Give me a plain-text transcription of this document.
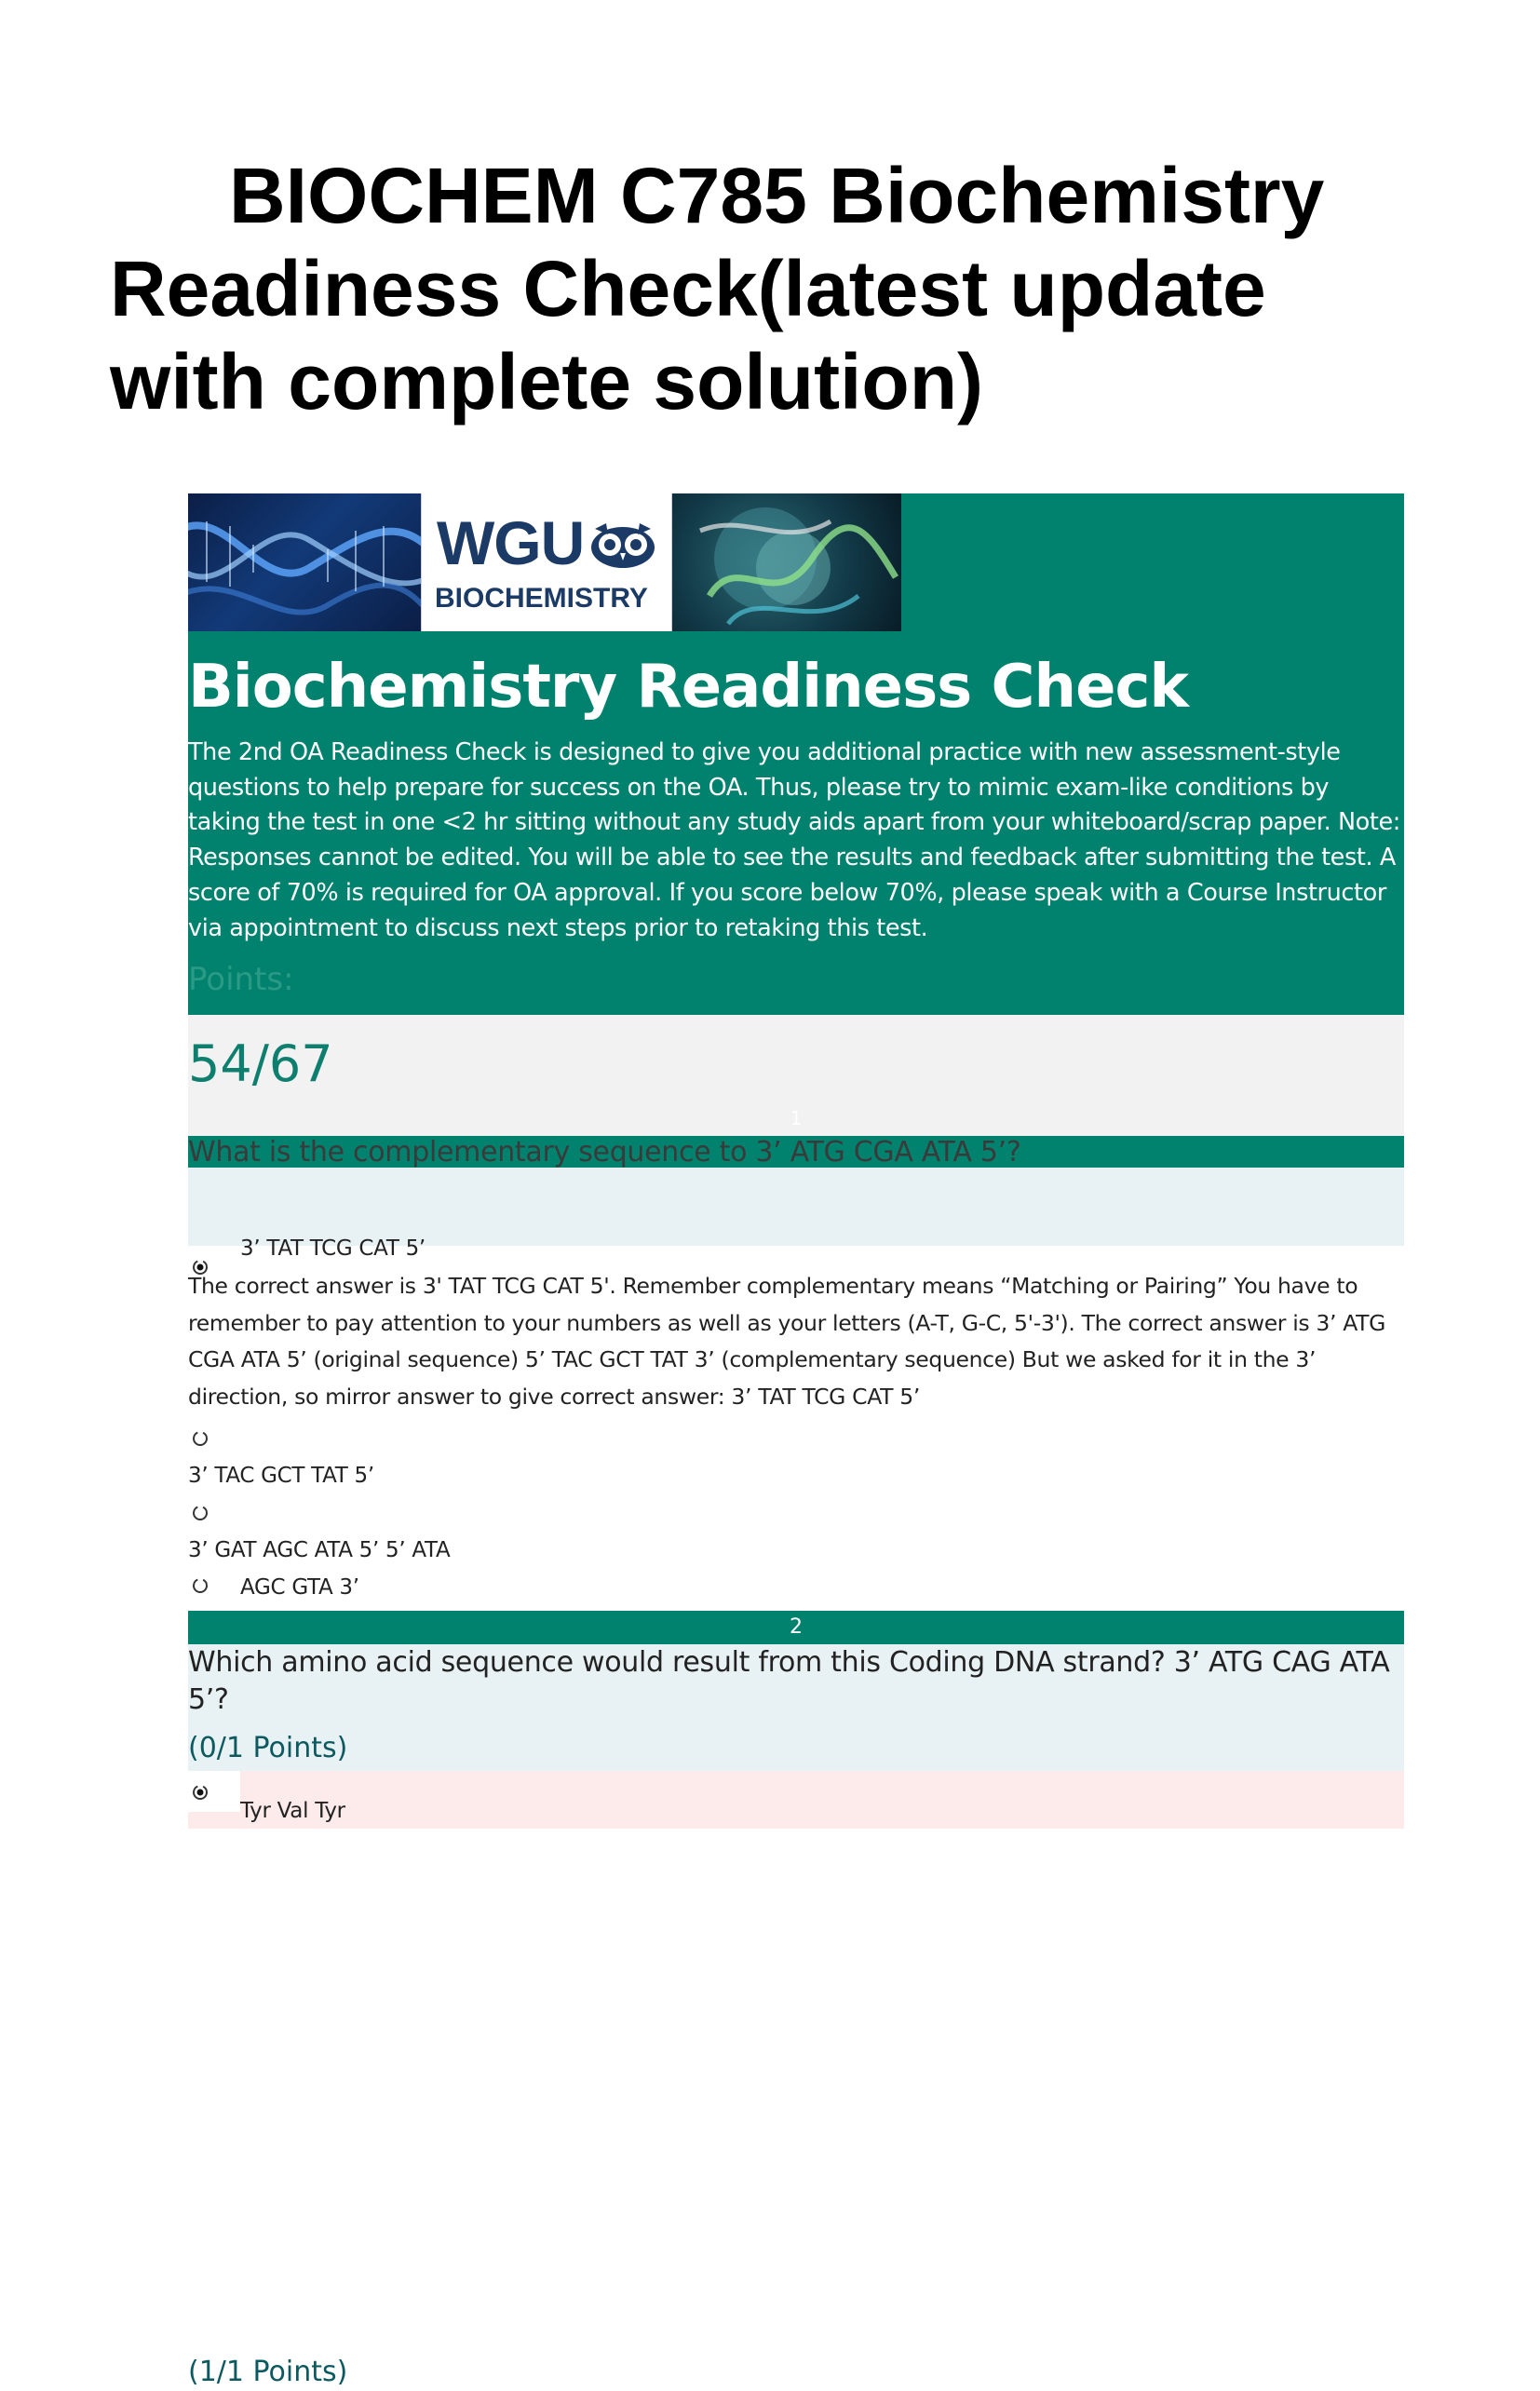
BIOCHEM C785 Biochemistry
Readiness Check(latest update
with complete solution)
WGU
BIOCHEMISTRY
Biochemistry Readiness Check

The 2nd OA Readiness Check is designed to give you additional practice with new assessment-style questions to help prepare for success on the OA. Thus, please try to mimic exam-like conditions by taking the test in one <2 hr sitting without any study aids apart from your whiteboard/scrap paper. Note: Responses cannot be edited. You will be able to see the results and feedback after submitting the test. A score of 70% is required for OA approval. If you score below 70%, please speak with a Course Instructor via appointment to discuss next steps prior to retaking this test.

Points:
54/67
1
(1/1 Points)

What is the complementary sequence to 3’ ATG CGA ATA 5’?

3’ TAT TCG CAT 5’

The correct answer is 3' TAT TCG CAT 5'. Remember complementary means “Matching or Pairing” You have to remember to pay attention to your numbers as well as your letters (A-T, G-C, 5'-3'). The correct answer is 3’ ATG CGA ATA 5’ (original sequence) 5’ TAC GCT TAT 3’ (complementary sequence) But we asked for it in the 3’ direction, so mirror answer to give correct answer: 3’ TAT TCG CAT 5’

3’ TAC GCT TAT 5’
3’ GAT AGC ATA 5’ 5’ ATA
AGC GTA 3’
2

Which amino acid sequence would result from this Coding DNA strand? 3’ ATG CAG ATA 5’?

(0/1 Points)
Tyr Val Tyr
